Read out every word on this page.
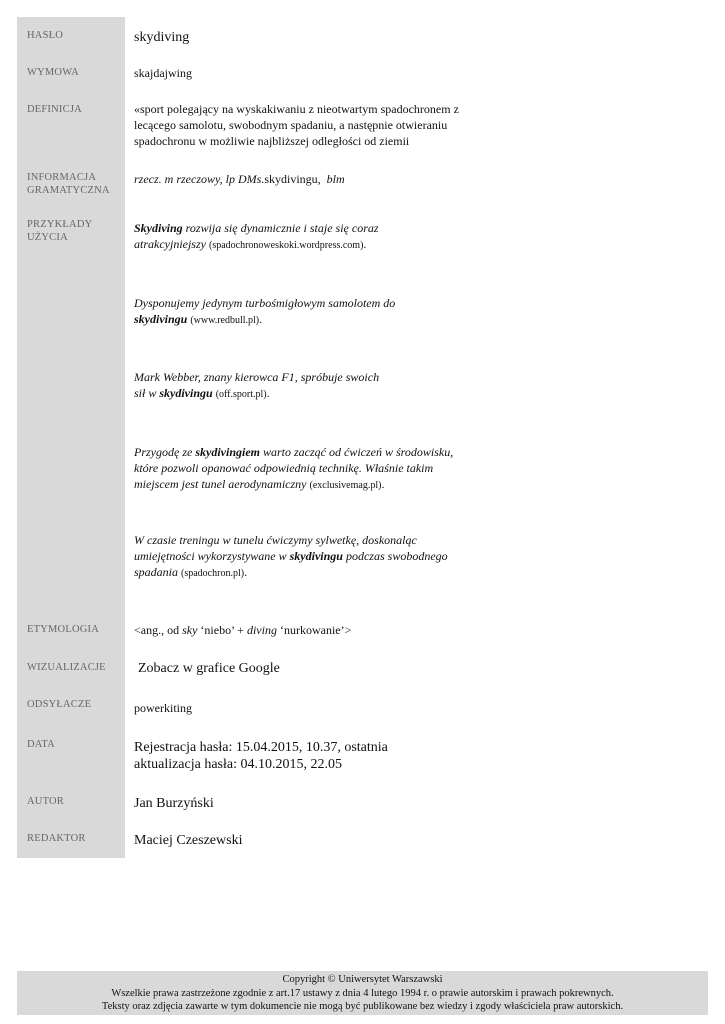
HASŁO
WYMOWA
DEFINICJA
INFORMACJA
GRAMATYCZNA
PRZYKŁADY
UŻYCIA
ETYMOLOGIA
WIZUALIZACJE
ODSYŁACZE
DATA
AUTOR
REDAKTOR
skydiving
skajdajwing
«sport polegający na wyskakiwaniu z nieotwartym spadochronem z
lecącego samolotu, swobodnym spadaniu, a następnie otwieraniu
spadochronu w możliwie najbliższej odległości od ziemii
rzecz. m rzeczowy, lp DMs.skydivingu, blm
Skydiving rozwija się dynamicznie i staje się coraz
atrakcyjniejszy (spadochronoweskoki.wordpress.com).
Dysponujemy jedynym turbośmigłowym samolotem do
skydivingu (www.redbull.pl).
Mark Webber, znany kierowca F1, spróbuje swoich
sił w skydivingu (off.sport.pl).
Przygodę ze skydivingiem warto zacząć od ćwiczeń w środowisku,
które pozwoli opanować odpowiednią technikę. Właśnie takim
miejscem jest tunel aerodynamiczny (exclusivemag.pl).
W czasie treningu w tunelu ćwiczymy sylwetkę, doskonaląc
umiejętności wykorzystywane w skydivingu podczas swobodnego
spadania (spadochron.pl).
<ang., od sky ‘niebo’ + diving ‘nurkowanie’>
Zobacz w grafice Google
powerkiting
Rejestracja hasła: 15.04.2015, 10.37, ostatnia
aktualizacja hasła: 04.10.2015, 22.05
Jan Burzyński
Maciej Czeszewski
Copyright © Uniwersytet Warszawski
Wszelkie prawa zastrzeżone zgodnie z art.17 ustawy z dnia 4 lutego 1994 r. o prawie autorskim i prawach pokrewnych.
Teksty oraz zdjęcia zawarte w tym dokumencie nie mogą być publikowane bez wiedzy i zgody właściciela praw autorskich.
